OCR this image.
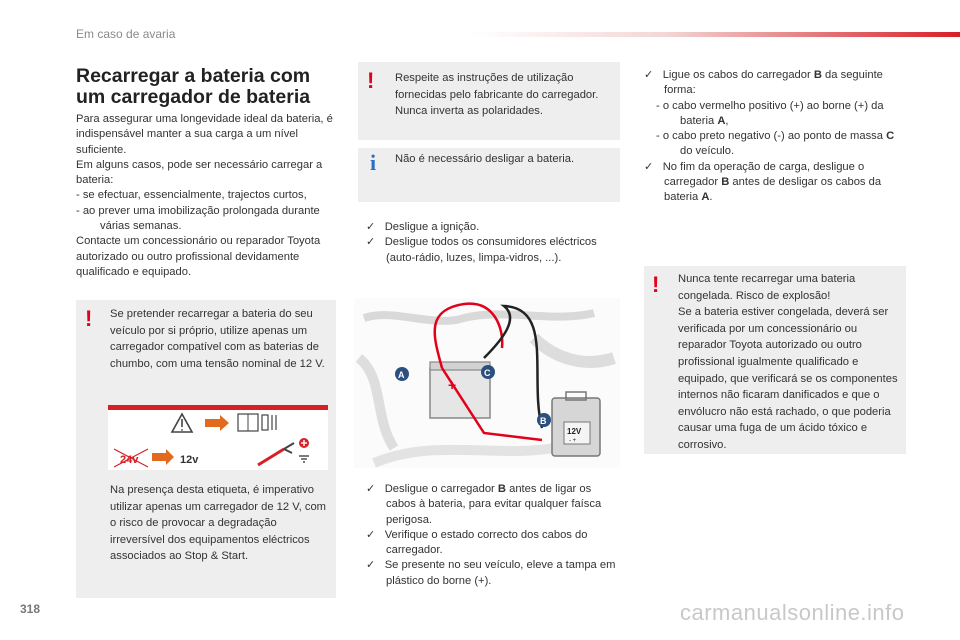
Em caso de avaria
Recarregar a bateria com um carregador de bateria

Para assegurar uma longevidade ideal da bateria, é indispensável manter a sua carga a um nível suficiente.

Em alguns casos, pode ser necessário carregar a bateria:

- se efectuar, essencialmente, trajectos curtos,

- ao prever uma imobilização prolongada durante várias semanas.

Contacte um concessionário ou reparador Toyota autorizado ou outro profissional devidamente qualificado e equipado.

! Se pretender recarregar a bateria do seu veículo por si próprio, utilize apenas um carregador compatível com as baterias de chumbo, com uma tensão nominal de 12 V.
24v	12v
Na presença desta etiqueta, é imperativo utilizar apenas um carregador de 12 V, com o risco de provocar a degradação irreversível dos equipamentos eléctricos associados ao Stop & Start.
! Respeite as instruções de utilização fornecidas pelo fabricante do carregador. Nunca inverta as polaridades.
i Não é necessário desligar a bateria.

✓   Desligue a ignição.

✓   Desligue todos os consumidores eléctricos (auto-rádio, luzes, limpa-vidros, ...).

+
12V
- +
A	C
B

✓   Desligue o carregador B antes de ligar os cabos à bateria, para evitar qualquer faísca perigosa.

✓   Verifique o estado correcto dos cabos do carregador.

✓   Se presente no seu veículo, eleve a tampa em plástico do borne (+).

✓   Ligue os cabos do carregador B da seguinte forma:

- o cabo vermelho positivo (+) ao borne (+) da bateria A,

- o cabo preto negativo (-) ao ponto de massa C do veículo.

✓   No fim da operação de carga, desligue o carregador B antes de desligar os cabos da bateria A.

! Nunca tente recarregar uma bateria congelada. Risco de explosão!

Se a bateria estiver congelada, deverá ser verificada por um concessionário ou reparador Toyota autorizado ou outro profissional igualmente qualificado e equipado, que verificará se os componentes internos não ficaram danificados e que o envólucro não está rachado, o que poderia causar uma fuga de um ácido tóxico e corrosivo.

318	carmanualsonline.info
